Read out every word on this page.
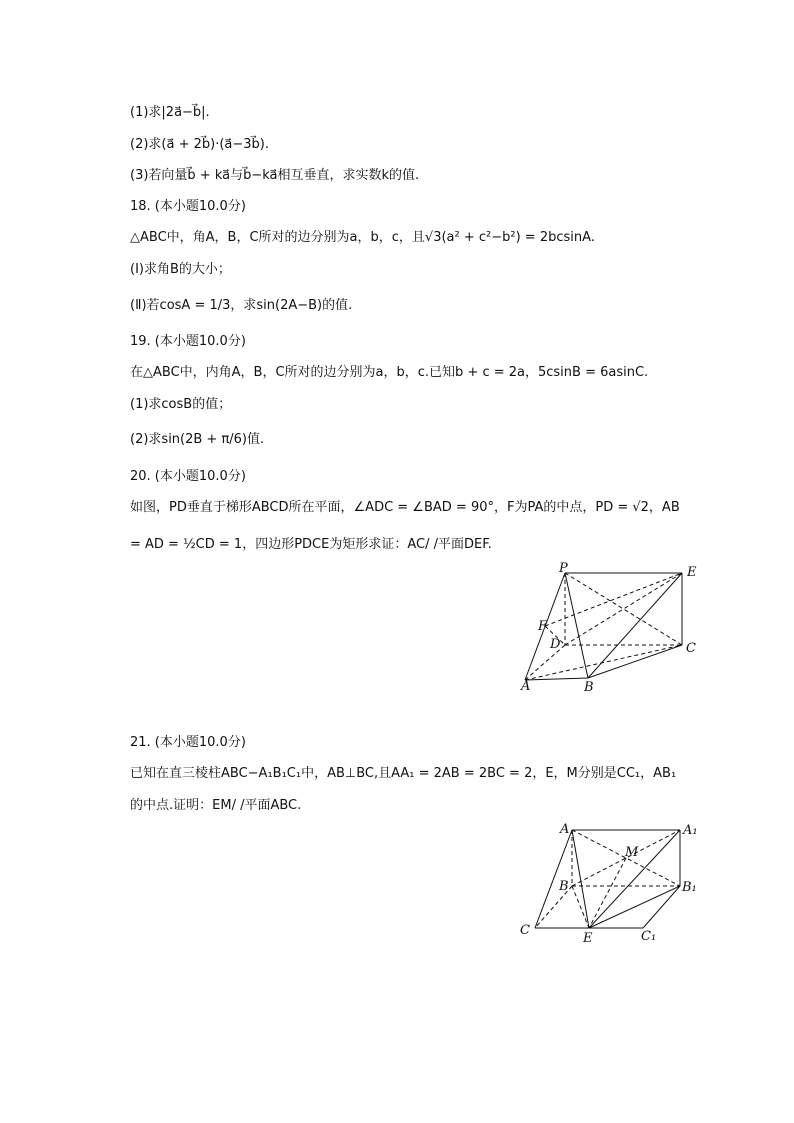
(1)求|2a⃗−b⃗|.
(2)求(a⃗ + 2b⃗)·(a⃗−3b⃗).
(3)若向量b⃗ + ka⃗与b⃗−ka⃗相互垂直，求实数k的值.
18. (本小题10.0分)
△ABC中，角A，B，C所对的边分别为a，b，c，且√3(a² + c²−b²) = 2bcsinA.
(Ⅰ)求角B的大小；
(Ⅱ)若cosA = 1/3，求sin(2A−B)的值.
19. (本小题10.0分)
在△ABC中，内角A，B，C所对的边分别为a，b，c.已知b + c = 2a，5csinB = 6asinC.
(1)求cosB的值；
(2)求sin(2B + π/6)值.
20. (本小题10.0分)
如图，PD垂直于梯形ABCD所在平面，∠ADC = ∠BAD = 90°，F为PA的中点，PD = √2，AB
= AD = ½CD = 1，四边形PDCE为矩形求证：AC/ /平面DEF.
P	E
F
D	C
A	B
21. (本小题10.0分)
已知在直三棱柱ABC−A₁B₁C₁中，AB⊥BC,且AA₁ = 2AB = 2BC = 2，E，M分别是CC₁，AB₁
的中点.证明：EM/ /平面ABC.
A	A₁
M
B	B₁
C
E	C₁
